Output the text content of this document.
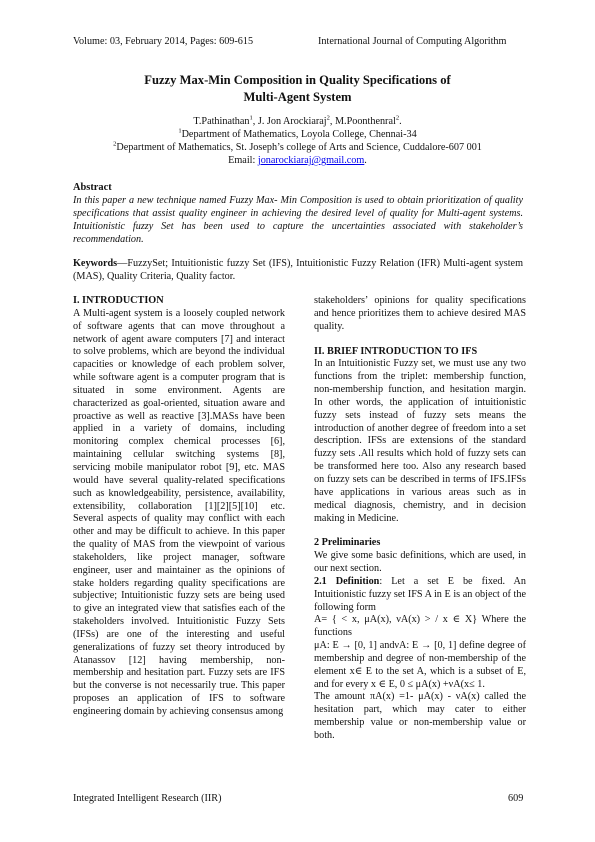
Volume: 03, February 2014, Pages: 609-615	International Journal of Computing Algorithm
Fuzzy Max-Min Composition in Quality Specifications of
Multi-Agent System
T.Pathinathan$^1$, J. Jon Arockiaraj$^2$, M.Poonthenral$^2$.
$^1$Department of Mathematics, Loyola College, Chennai-34
$^2$Department of Mathematics, St. Joseph’s college of Arts and Science, Cuddalore-607 001
Email: jonarockiaraj@gmail.com.
Abstract
In this paper a new technique named Fuzzy Max- Min Composition is used to obtain prioritization of quality specifications that assist quality engineer in achieving the desired level of quality for Multi-agent systems. Intuitionistic fuzzy Set has been used to capture the uncertainties associated with stakeholder’s recommendation.
Keywords—FuzzySet; Intuitionistic fuzzy Set (IFS), Intuitionistic Fuzzy Relation (IFR) Multi-agent system (MAS), Quality Criteria, Quality factor.
I. INTRODUCTION

A Multi-agent system is a loosely coupled network of software agents that can move throughout a network of agent aware computers [7] and interact to solve problems, which are beyond the individual capacities or knowledge of each problem solver, while software agent is a computer program that is situated in some environment. Agents are characterized as goal-oriented, situation aware and proactive as well as reactive [3].MASs have been applied in a variety of domains, including monitoring complex chemical processes [6], maintaining cellular switching systems [8], servicing mobile manipulator robot [9], etc. MAS would have several quality-related specifications such as knowledgeability, persistence, availability, extensibility, collaboration [1][2][5][10] etc. Several aspects of quality may conflict with each other and may be difficult to achieve. In this paper the quality of MAS from the viewpoint of various stakeholders, like project manager, software engineer, user and maintainer as the opinions of stake holders regarding quality specifications are subjective; Intuitionistic fuzzy sets are being used to give an integrated view that satisfies each of the stakeholders involved. Intuitionistic Fuzzy Sets (IFSs) are one of the interesting and useful generalizations of fuzzy set theory introduced by Atanassov [12] having membership, non-membership and hesitation part. Fuzzy sets are IFS but the converse is not necessarily true. This paper proposes an application of IFS to software engineering domain by achieving consensus among

stakeholders’ opinions for quality specifications and hence prioritizes them to achieve desired MAS quality.

II. BRIEF INTRODUCTION TO IFS

In an Intuitionistic Fuzzy set, we must use any two functions from the triplet: membership function, non-membership function, and hesitation margin. In other words, the application of intuitionistic fuzzy sets instead of fuzzy sets means the introduction of another degree of freedom into a set description. IFSs are extensions of the standard fuzzy sets .All results which hold of fuzzy sets can be transformed here too. Also any research based on fuzzy sets can be described in terms of IFS.IFSs have applications in various areas such as in medical diagnosis, chemistry, and in decision making in Medicine.

2 Preliminaries

We give some basic definitions, which are used, in our next section.

2.1 Definition: Let a set E be fixed. An Intuitionistic fuzzy set IFS A in E is an object of the following form

A= { < x, μA(x), νA(x) > / x ∈ X} Where the functions

μA: E → [0, 1] andνA: E → [0, 1] define degree of membership and degree of non-membership of the element x∈ E to the set A, which is a subset of E, and for every x ∈ E, 0 ≤ μA(x) +νA(x≤ 1.

The amount πA(x) =1- μA(x) - νA(x) called the hesitation part, which may cater to either membership value or non-membership value or both.

Integrated Intelligent Research (IIR)	609
